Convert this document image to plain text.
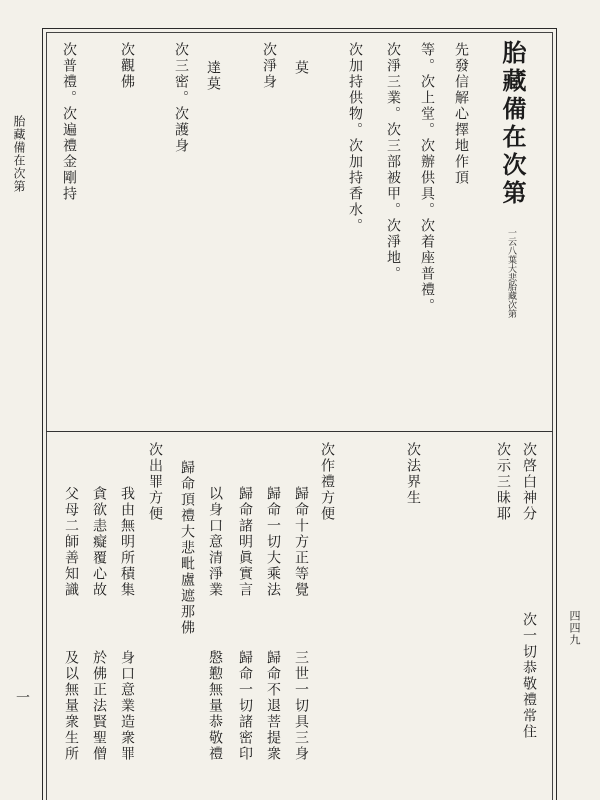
胎藏備在次第
一
四四九
胎藏備在次第
一云八葉大悲胎藏次第
先發信解心擇地作頂
等。次上堂。次辦供具。次着座普禮。
次淨三業。次三部被甲。次淨地。
次加持供物。次加持香水。
莫
次淨身
達莫
次三密。次護身
次觀佛
次普禮。次遍禮金剛持
次啓白神分
次示三昧耶
次法界生
次作禮方便
歸命十方正等覺
歸命一切大乘法
歸命諸明眞實言
以身口意清淨業
歸命頂禮大悲毗盧遮那佛
次出罪方便
我由無明所積集
貪欲恚癡覆心故
父母二師善知識
次一切恭敬禮常住
三世一切具三身
歸命不退菩提衆
歸命一切諸密印
慇懃無量恭敬禮
身口意業造衆罪
於佛正法賢聖僧
及以無量衆生所
